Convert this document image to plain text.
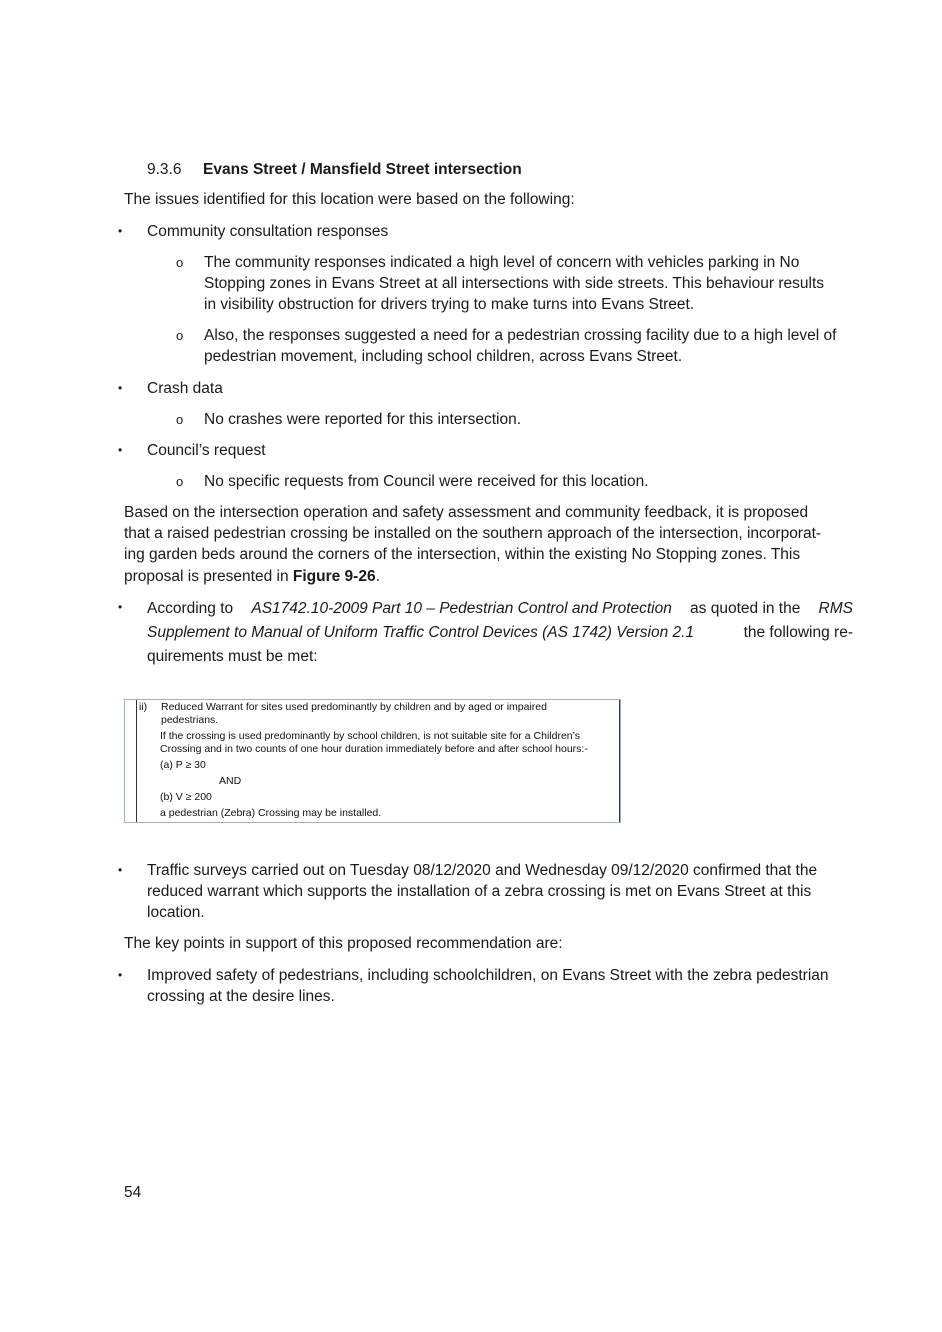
9.3.6 Evans Street / Mansfield Street intersection
The issues identified for this location were based on the following:
• Community consultation responses
o The community responses indicated a high level of concern with vehicles parking in No
Stopping zones in Evans Street at all intersections with side streets. This behaviour results
in visibility obstruction for drivers trying to make turns into Evans Street.
o Also, the responses suggested a need for a pedestrian crossing facility due to a high level of
pedestrian movement, including school children, across Evans Street.
• Crash data
o No crashes were reported for this intersection.
• Council’s request
o No specific requests from Council were received for this location.
Based on the intersection operation and safety assessment and community feedback, it is proposed
that a raised pedestrian crossing be installed on the southern approach of the intersection, incorporat-
ing garden beds around the corners of the intersection, within the existing No Stopping zones. This
proposal is presented in Figure 9-26.
• According to AS1742.10-2009 Part 10 – Pedestrian Control and Protection as quoted in the RMS
Supplement to Manual of Uniform Traffic Control Devices (AS 1742) Version 2.1	the following re-
quirements must be met:
ii) Reduced Warrant for sites used predominantly by children and by aged or impaired
pedestrians.
If the crossing is used predominantly by school children, is not suitable site for a Children’s
Crossing and in two counts of one hour duration immediately before and after school hours:-
(a) P ≥ 30
AND
(b) V ≥ 200
a pedestrian (Zebra) Crossing may be installed.
• Traffic surveys carried out on Tuesday 08/12/2020 and Wednesday 09/12/2020 confirmed that the
reduced warrant which supports the installation of a zebra crossing is met on Evans Street at this
location.
The key points in support of this proposed recommendation are:
• Improved safety of pedestrians, including schoolchildren, on Evans Street with the zebra pedestrian
crossing at the desire lines.
54
